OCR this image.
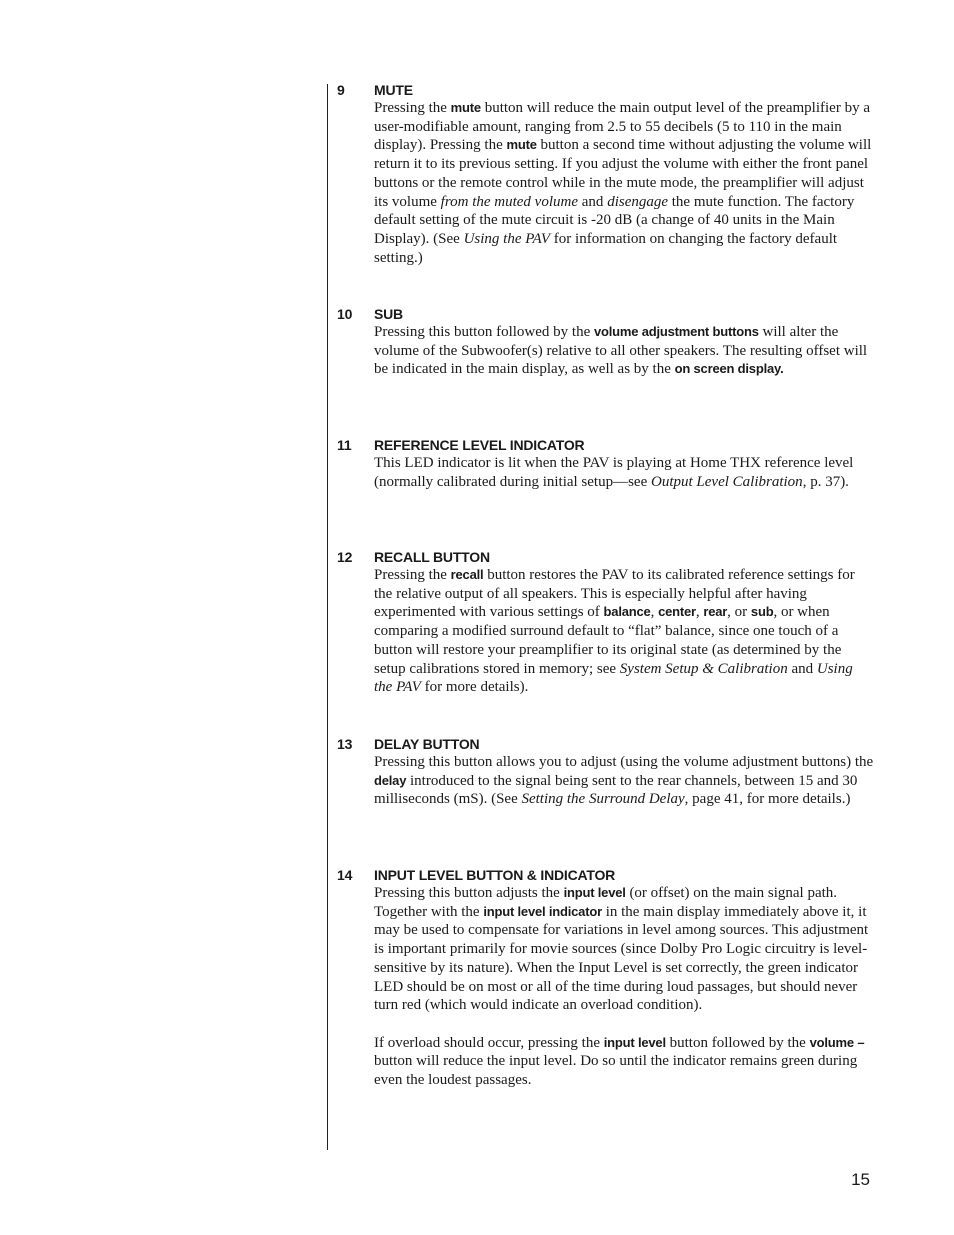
9 MUTE

Pressing the mute button will reduce the main output level of the preamplifier by a user-modifiable amount, ranging from 2.5 to 55 decibels (5 to 110 in the main display). Pressing the mute button a second time without adjusting the volume will return it to its previous setting. If you adjust the volume with either the front panel buttons or the remote control while in the mute mode, the preamplifier will adjust its volume from the muted volume and disengage the mute function. The factory default setting of the mute circuit is -20 dB (a change of 40 units in the Main Display). (See Using the PAV for information on changing the factory default setting.)

10 SUB

Pressing this button followed by the volume adjustment buttons will alter the volume of the Subwoofer(s) relative to all other speakers. The resulting offset will be indicated in the main display, as well as by the on screen display.

11 REFERENCE LEVEL INDICATOR

This LED indicator is lit when the PAV is playing at Home THX reference level (normally calibrated during initial setup—see Output Level Calibration, p. 37).

12 RECALL BUTTON

Pressing the recall button restores the PAV to its calibrated reference settings for the relative output of all speakers. This is especially helpful after having experimented with various settings of balance, center, rear, or sub, or when comparing a modified surround default to “flat” balance, since one touch of a button will restore your preamplifier to its original state (as determined by the setup calibrations stored in memory; see System Setup & Calibration and Using the PAV for more details).

13 DELAY BUTTON

Pressing this button allows you to adjust (using the volume adjustment buttons) the delay introduced to the signal being sent to the rear channels, between 15 and 30 milliseconds (mS). (See Setting the Surround Delay, page 41, for more details.)

14 INPUT LEVEL BUTTON & INDICATOR

Pressing this button adjusts the input level (or offset) on the main signal path. Together with the input level indicator in the main display immediately above it, it may be used to compensate for variations in level among sources. This adjustment is important primarily for movie sources (since Dolby Pro Logic circuitry is level-sensitive by its nature). When the Input Level is set correctly, the green indicator LED should be on most or all of the time during loud passages, but should never turn red (which would indicate an overload condition).

If overload should occur, pressing the input level button followed by the volume – button will reduce the input level. Do so until the indicator remains green during even the loudest passages.

15
